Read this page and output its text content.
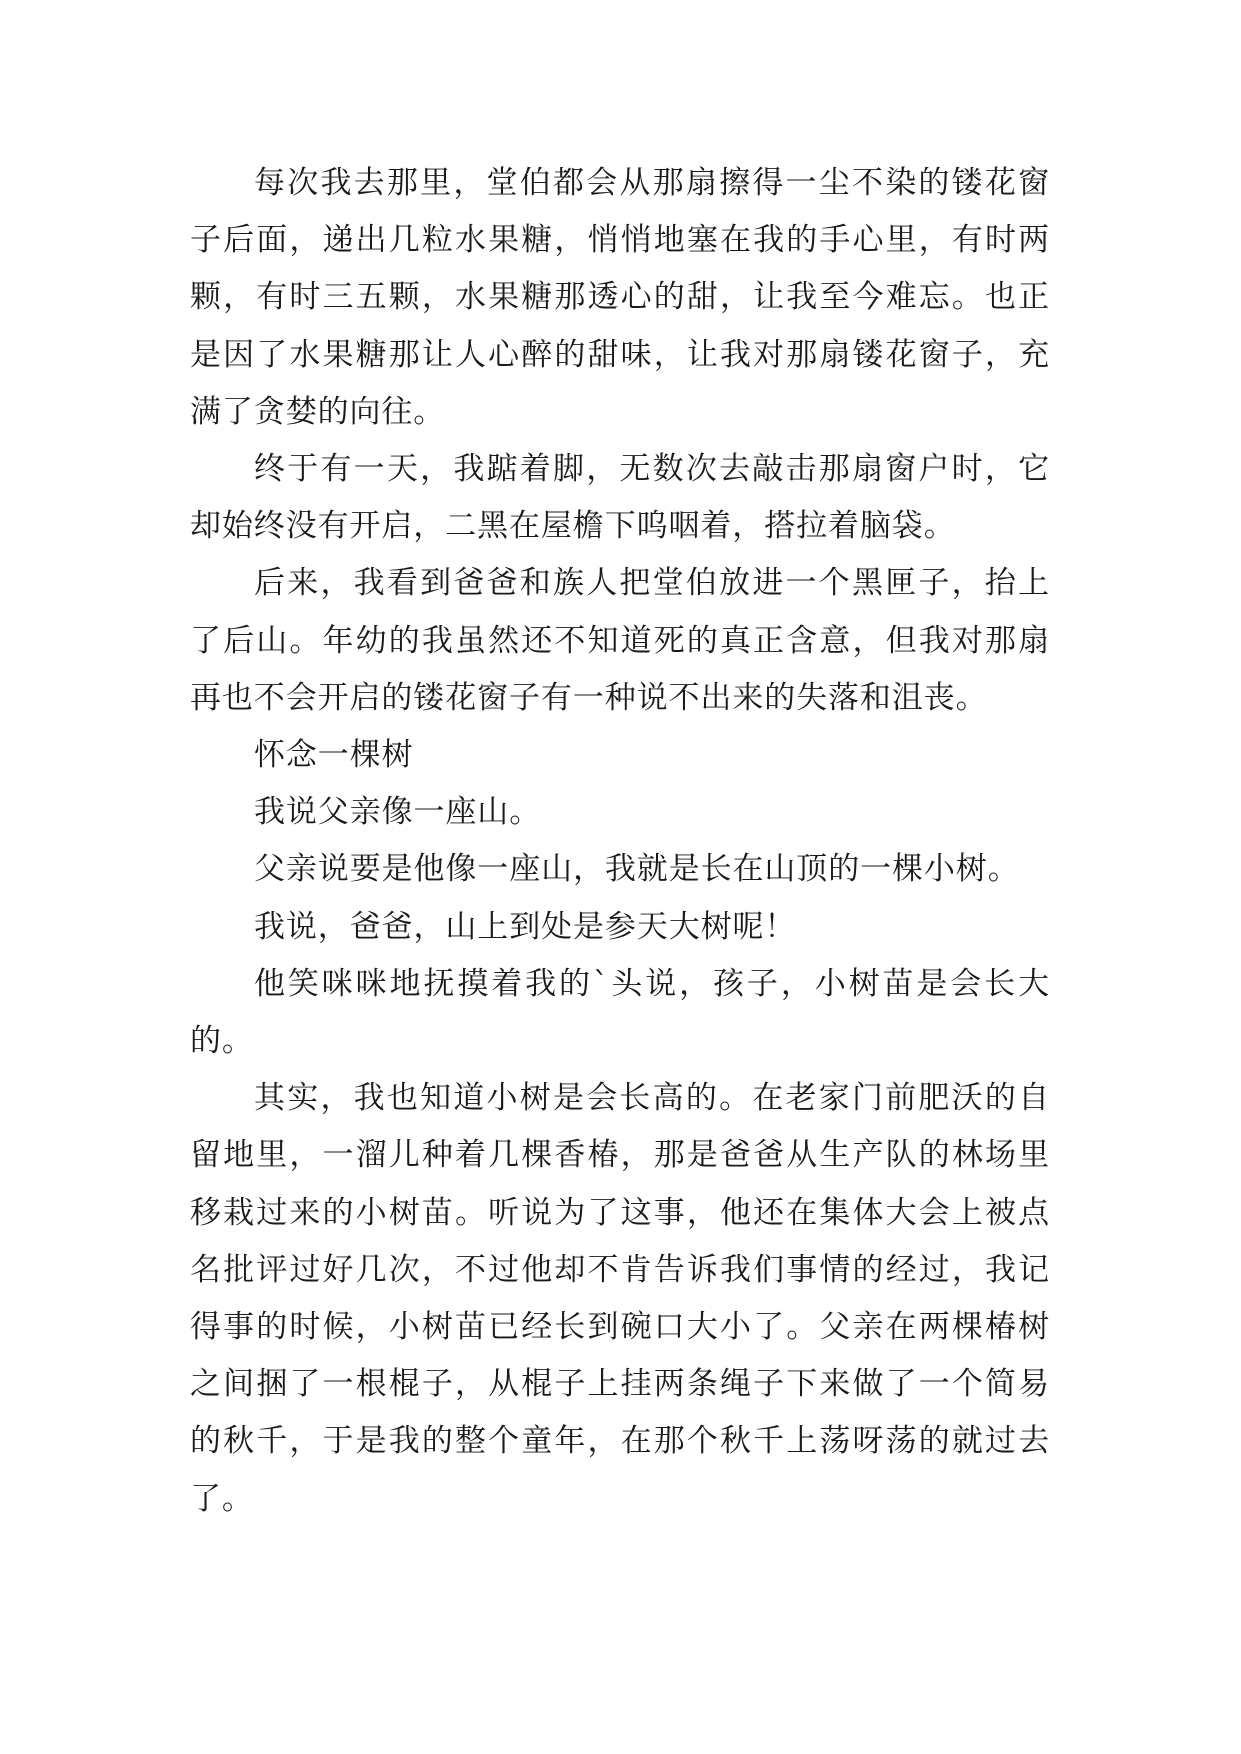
每次我去那里，堂伯都会从那扇擦得一尘不染的镂花窗子后面，递出几粒水果糖，悄悄地塞在我的手心里，有时两颗，有时三五颗，水果糖那透心的甜，让我至今难忘。也正是因了水果糖那让人心醉的甜味，让我对那扇镂花窗子，充满了贪婪的向往。

终于有一天，我踮着脚，无数次去敲击那扇窗户时，它却始终没有开启，二黑在屋檐下呜咽着，搭拉着脑袋。

后来，我看到爸爸和族人把堂伯放进一个黑匣子，抬上了后山。年幼的我虽然还不知道死的真正含意，但我对那扇再也不会开启的镂花窗子有一种说不出来的失落和沮丧。

怀念一棵树

我说父亲像一座山。

父亲说要是他像一座山，我就是长在山顶的一棵小树。

我说，爸爸，山上到处是参天大树呢！

他笑咪咪地抚摸着我的`头说，孩子，小树苗是会长大的。

其实，我也知道小树是会长高的。在老家门前肥沃的自留地里，一溜儿种着几棵香椿，那是爸爸从生产队的林场里移栽过来的小树苗。听说为了这事，他还在集体大会上被点名批评过好几次，不过他却不肯告诉我们事情的经过，我记得事的时候，小树苗已经长到碗口大小了。父亲在两棵椿树之间捆了一根棍子，从棍子上挂两条绳子下来做了一个简易的秋千，于是我的整个童年，在那个秋千上荡呀荡的就过去了。
